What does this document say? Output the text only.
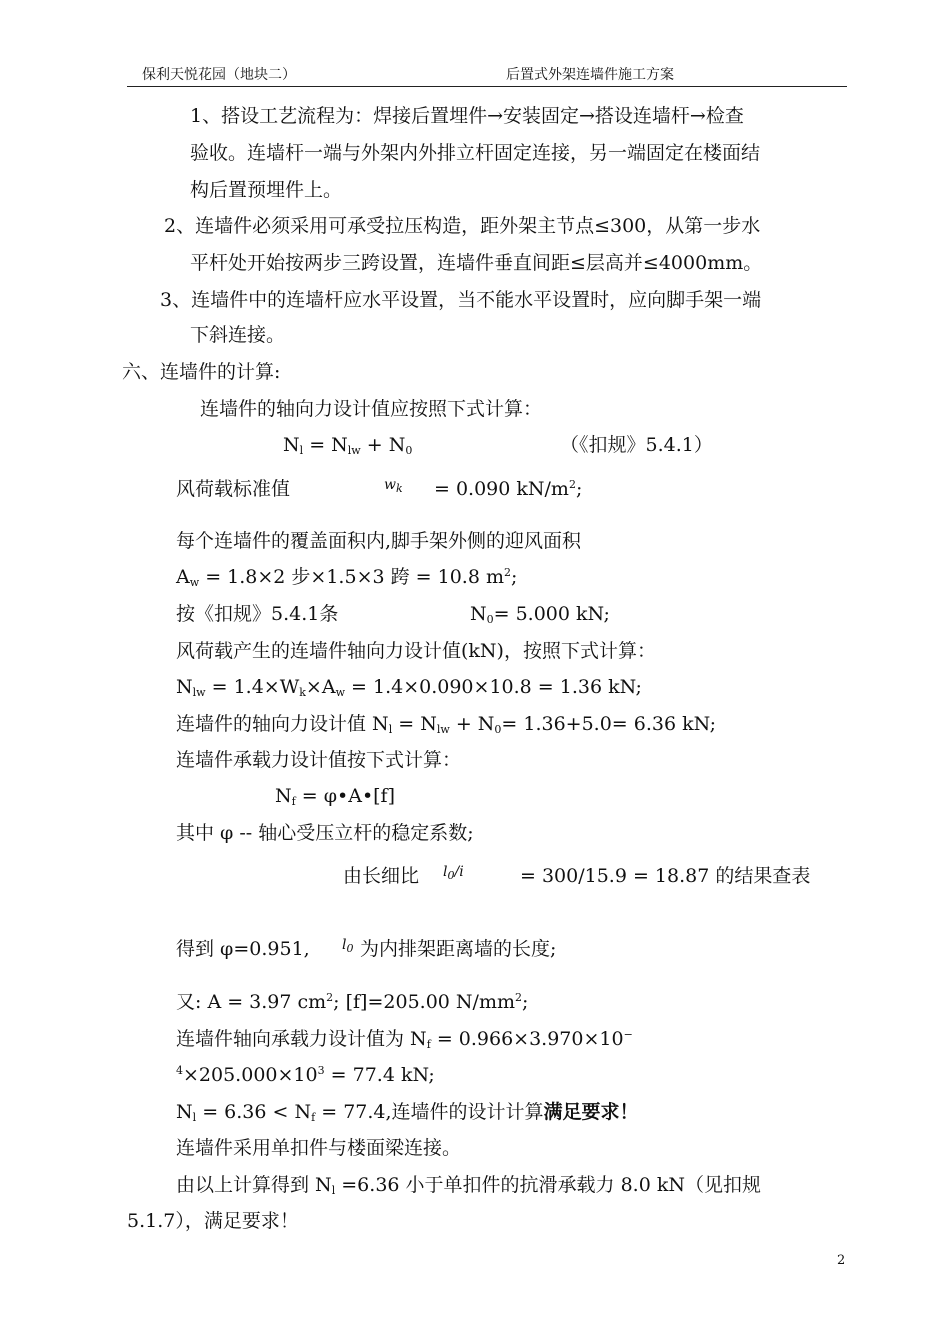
保利天悦花园（地块二）	后置式外架连墙件施工方案
1、搭设工艺流程为：焊接后置埋件→安装固定→搭设连墙杆→检查
验收。连墙杆一端与外架内外排立杆固定连接，另一端固定在楼面结
构后置预埋件上。
2、连墙件必须采用可承受拉压构造，距外架主节点≤300，从第一步水
平杆处开始按两步三跨设置，连墙件垂直间距≤层高并≤4000mm。
3、连墙件中的连墙杆应水平设置，当不能水平设置时，应向脚手架一端
下斜连接。
六、连墙件的计算:
连墙件的轴向力设计值应按照下式计算：
$N_l = N_{lw} + N_0$	（《扣规》5.4.1）
风荷载标准值	$w_k = 0.090$ $kN/m^2$;
每个连墙件的覆盖面积内,脚手架外侧的迎风面积
$A_w = 1.8\times 2$ 步×1.5×3 跨 = 10.8 $m^2$;
按《扣规》5.4.1条	$N_0= 5.000$ kN;
风荷载产生的连墙件轴向力设计值(kN)，按照下式计算：
$N_{lw} = 1.4\times W_k\times A_w = 1.4\times 0.090\times 10.8 = 1.36$ kN;
连墙件的轴向力设计值 $N_l = N_{lw} + N_0= 1.36+5.0= 6.36$ kN;
连墙件承载力设计值按下式计算：
$N_f$ = φ•A•[f]
其中 φ -- 轴心受压立杆的稳定系数;
由长细比 $l_0/i$	= 300/15.9 = 18.87 的结果查表
得到 φ=0.951, $l_0$ 为内排架距离墙的长度;
又: A = 3.97 $cm^2$; [f]=205.00 $N/mm^2$;
连墙件轴向承载力设计值为 $N_f = 0.966\times 3.970\times 10^-$
$^4\times 205.000\times 10^3 = 77.4$ kN;
$N_l = 6.36 < N_f = 77.4$,连墙件的设计计算满足要求！
连墙件采用单扣件与楼面梁连接。
由以上计算得到 $N_l =6.36$ 小于单扣件的抗滑承载力 8.0 kN（见扣规
5.1.7），满足要求！
2
